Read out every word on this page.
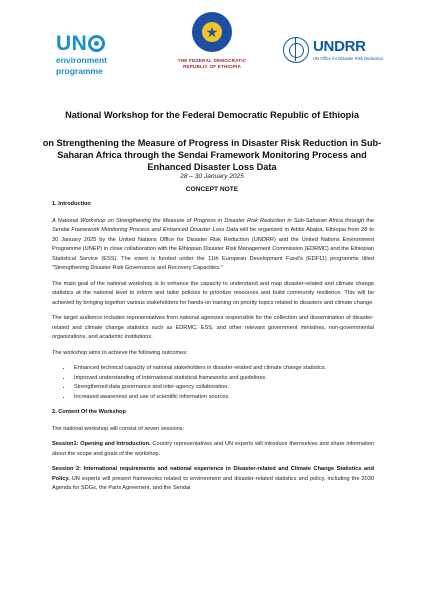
UN
environment
programme
★
THE FEDERAL DEMOCRATIC
REPUBLIC OF ETHIOPIA
UNDRR
UN Office for Disaster Risk Reduction
National Workshop for the Federal Democratic Republic of Ethiopia
on Strengthening the Measure of Progress in Disaster Risk Reduction in Sub-Saharan Africa through the Sendai Framework Monitoring Process and Enhanced Disaster Loss Data
28 – 30 January 2025
CONCEPT NOTE
1. Introduction
A National Workshop on Strengthening the Measure of Progress in Disaster Risk Reduction in Sub-Saharan Africa through the Sendai Framework Monitoring Process and Enhanced Disaster Loss Data will be organized in Addis Ababa, Ethiopia from 28 to 30 January 2025 by the United Nations Office for Disaster Risk Reduction (UNDRR) and the United Nations Environment Programme (UNEP) in close collaboration with the Ethiopian Disaster Risk Management Commission (EDRMC) and the Ethiopian Statistical Service (ESS). The event is funded under the 11th European Development Fund's (EDF11) programme titled "Strengthening Disaster Risk Governance and Recovery Capacities."
The main goal of the national workshop is to enhance the capacity to understand and map disaster-related and climate change statistics at the national level to inform and tailor policies to prioritize resources and build community resilience. This will be achieved by bringing together various stakeholders for hands-on training on priority topics related to disasters and climate change.
The target audience includes representatives from national agencies responsible for the collection and dissemination of disaster-related and climate change statistics such as EDRMC, ESS, and other relevant government ministries, non-governmental organizations, and academic institutions.
The workshop aims to achieve the following outcomes:
• Enhanced technical capacity of national stakeholders in disaster-related and climate change statistics.
• Improved understanding of international statistical frameworks and guidelines.
• Strengthened data governance and inter-agency collaboration.
• Increased awareness and use of scientific information sources.
2. Content Of the Workshop
The national workshop will consist of seven sessions:
Session1: Opening and Introduction. Country representatives and UN experts will introduce themselves and share information about the scope and goals of the workshop.
Session 2: International requirements and national experience in Disaster-related and Climate Change Statistics and Policy. UN experts will present frameworks related to environment and disaster-related statistics and policy, including the 2030 Agenda for SDGs, the Paris Agreement, and the Sendai
